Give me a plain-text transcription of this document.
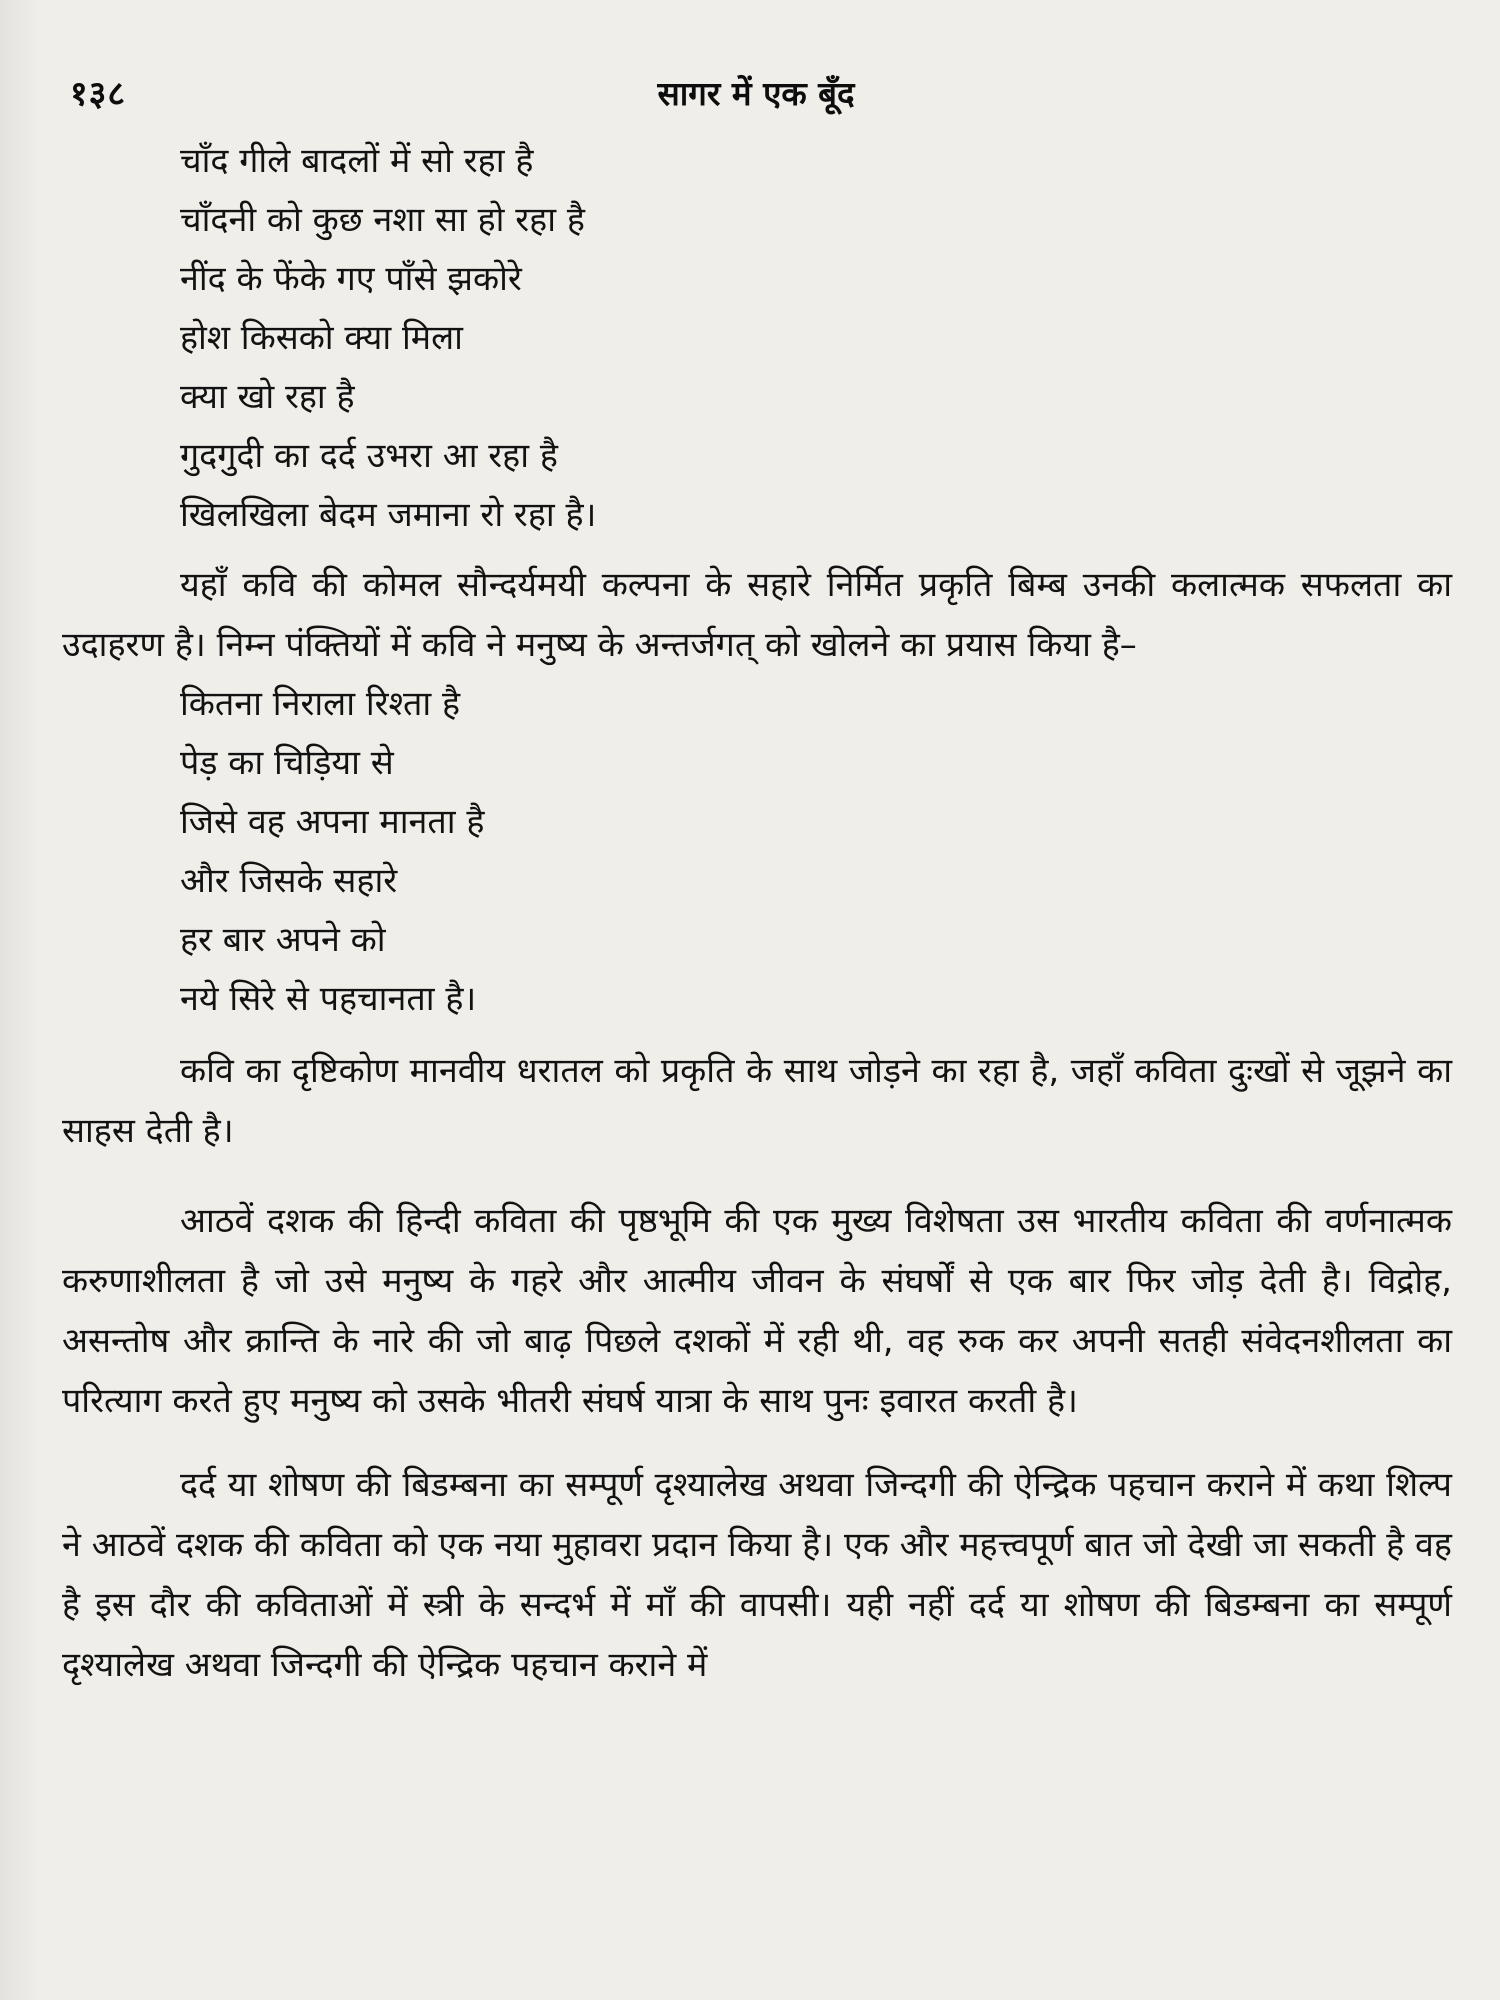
१३८	सागर में एक बूँद
चाँद गीले बादलों में सो रहा है
चाँदनी को कुछ नशा सा हो रहा है
नींद के फेंके गए पाँसे झकोरे
होश किसको क्या मिला
क्या खो रहा है
गुदगुदी का दर्द उभरा आ रहा है
खिलखिला बेदम जमाना रो रहा है।

यहाँ कवि की कोमल सौन्दर्यमयी कल्पना के सहारे निर्मित प्रकृति बिम्ब उनकी कलात्मक सफलता का उदाहरण है। निम्न पंक्तियों में कवि ने मनुष्य के अन्तर्जगत् को खोलने का प्रयास किया है–

कितना निराला रिश्ता है
पेड़ का चिड़िया से
जिसे वह अपना मानता है
और जिसके सहारे
हर बार अपने को
नये सिरे से पहचानता है।

कवि का दृष्टिकोण मानवीय धरातल को प्रकृति के साथ जोड़ने का रहा है, जहाँ कविता दुःखों से जूझने का साहस देती है।

आठवें दशक की हिन्दी कविता की पृष्ठभूमि की एक मुख्य विशेषता उस भारतीय कविता की वर्णनात्मक करुणाशीलता है जो उसे मनुष्य के गहरे और आत्मीय जीवन के संघर्षों से एक बार फिर जोड़ देती है। विद्रोह, असन्तोष और क्रान्ति के नारे की जो बाढ़ पिछले दशकों में रही थी, वह रुक कर अपनी सतही संवेदनशीलता का परित्याग करते हुए मनुष्य को उसके भीतरी संघर्ष यात्रा के साथ पुनः इवारत करती है।

दर्द या शोषण की बिडम्बना का सम्पूर्ण दृश्यालेख अथवा जिन्दगी की ऐन्द्रिक पहचान कराने में कथा शिल्प ने आठवें दशक की कविता को एक नया मुहावरा प्रदान किया है। एक और महत्त्वपूर्ण बात जो देखी जा सकती है वह है इस दौर की कविताओं में स्त्री के सन्दर्भ में माँ की वापसी। यही नहीं दर्द या शोषण की बिडम्बना का सम्पूर्ण दृश्यालेख अथवा जिन्दगी की ऐन्द्रिक पहचान कराने में
